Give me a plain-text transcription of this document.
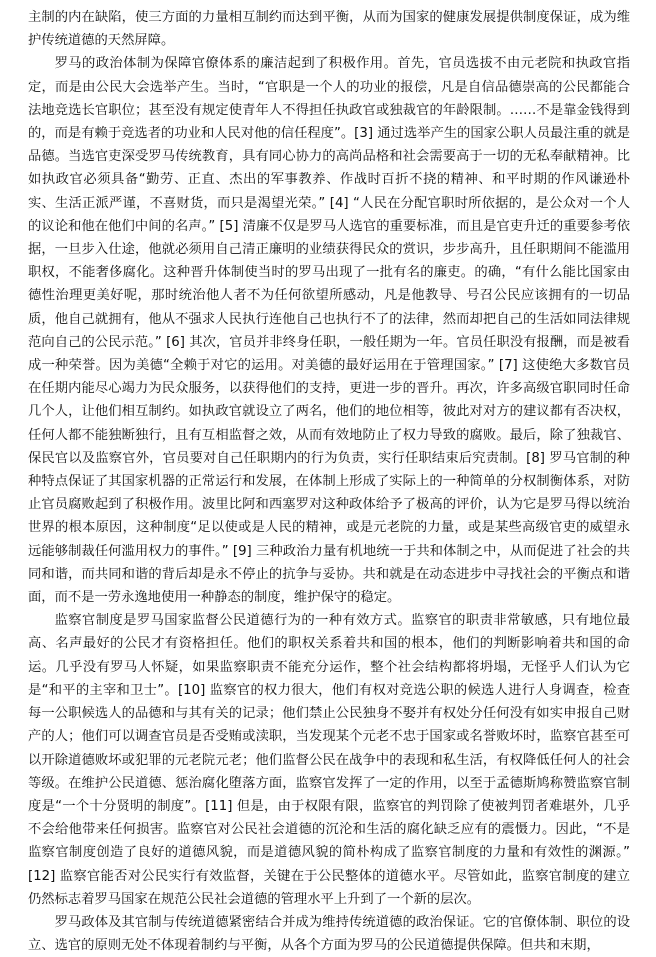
主制的内在缺陷，使三方面的力量相互制约而达到平衡，从而为国家的健康发展提供制度保证，成为维护传统道德的天然屏障。

罗马的政治体制为保障官僚体系的廉洁起到了积极作用。首先，官员选拔不由元老院和执政官指定，而是由公民大会选举产生。当时，“官职是一个人的功业的报偿，凡是自信品德崇高的公民都能合法地竞选长官职位；甚至没有规定使青年人不得担任执政官或独裁官的年龄限制。……不是靠金钱得到的，而是有赖于竞选者的功业和人民对他的信任程度”。[3] 通过选举产生的国家公职人员最注重的就是品德。当选官吏深受罗马传统教育，具有同心协力的高尚品格和社会需要高于一切的无私奉献精神。比如执政官必须具备“勤劳、正直、杰出的军事教养、作战时百折不挠的精神、和平时期的作风谦逊朴实、生活正派严谨，不喜财货，而只是渴望光荣。” [4] “人民在分配官职时所依据的，是公众对一个人的议论和他在他们中间的名声。” [5] 清廉不仅是罗马人选官的重要标准，而且是官吏升迁的重要参考依据，一旦步入仕途，他就必须用自己清正廉明的业绩获得民众的赏识，步步高升，且任职期间不能滥用职权，不能奢侈腐化。这种晋升体制使当时的罗马出现了一批有名的廉吏。的确，“有什么能比国家由德性治理更美好呢，那时统治他人者不为任何欲望所感动，凡是他教导、号召公民应该拥有的一切品质，他自己就拥有，他从不强求人民执行连他自己也执行不了的法律，然而却把自己的生活如同法律规范向自己的公民示范。” [6] 其次，官员并非终身任职，一般任期为一年。官员任职没有报酬，而是被看成一种荣誉。因为美德“全赖于对它的运用。对美德的最好运用在于管理国家。” [7] 这使绝大多数官员在任期内能尽心竭力为民众服务，以获得他们的支持，更进一步的晋升。再次，许多高级官职同时任命几个人，让他们相互制约。如执政官就设立了两名，他们的地位相等，彼此对对方的建议都有否决权，任何人都不能独断独行，且有互相监督之效，从而有效地防止了权力导致的腐败。最后，除了独裁官、保民官以及监察官外，官员要对自己任职期内的行为负责，实行任职结束后究责制。[8] 罗马官制的种种特点保证了其国家机器的正常运行和发展，在体制上形成了实际上的一种简单的分权制衡体系，对防止官员腐败起到了积极作用。波里比阿和西塞罗对这种政体给予了极高的评价，认为它是罗马得以统治世界的根本原因，这种制度“足以使或是人民的精神，或是元老院的力量，或是某些高级官吏的威望永远能够制裁任何滥用权力的事件。” [9] 三种政治力量有机地统一于共和体制之中，从而促进了社会的共同和谐，而共同和谐的背后却是永不停止的抗争与妥协。共和就是在动态进步中寻找社会的平衡点和谐面，而不是一劳永逸地使用一种静态的制度，维护保守的稳定。

监察官制度是罗马国家监督公民道德行为的一种有效方式。监察官的职责非常敏感，只有地位最高、名声最好的公民才有资格担任。他们的职权关系着共和国的根本，他们的判断影响着共和国的命运。几乎没有罗马人怀疑，如果监察职责不能充分运作，整个社会结构都将坍塌，无怪乎人们认为它是“和平的主宰和卫士”。[10] 监察官的权力很大，他们有权对竞选公职的候选人进行人身调查，检查每一公职候选人的品德和与其有关的记录；他们禁止公民独身不娶并有权处分任何没有如实申报自己财产的人；他们可以调查官员是否受贿或渎职，当发现某个元老不忠于国家或名誉败坏时，监察官甚至可以开除道德败坏或犯罪的元老院元老；他们监督公民在战争中的表现和私生活，有权降低任何人的社会等级。在维护公民道德、惩治腐化堕落方面，监察官发挥了一定的作用，以至于孟德斯鸠称赞监察官制度是“一个十分贤明的制度”。[11] 但是，由于权限有限，监察官的判罚除了使被判罚者难堪外，几乎不会给他带来任何损害。监察官对公民社会道德的沉沦和生活的腐化缺乏应有的震慑力。因此，“不是监察官制度创造了良好的道德风貌，而是道德风貌的简朴构成了监察官制度的力量和有效性的渊源。” [12] 监察官能否对公民实行有效监督，关键在于公民整体的道德水平。尽管如此，监察官制度的建立仍然标志着罗马国家在规范公民社会道德的管理水平上升到了一个新的层次。

罗马政体及其官制与传统道德紧密结合并成为维持传统道德的政治保证。它的官僚体制、职位的设立、选官的原则无处不体现着制约与平衡，从各个方面为罗马的公民道德提供保障。但共和末期，
